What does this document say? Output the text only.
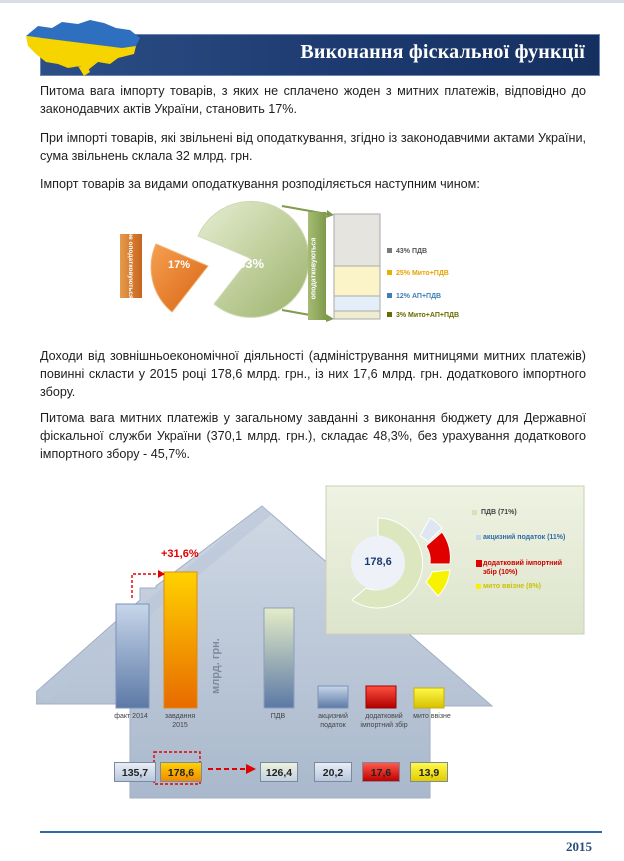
Виконання фіскальної функції
Питома вага імпорту товарів, з яких не сплачено жоден з митних платежів, відповідно до законодавчих актів України, становить 17%.
При імпорті товарів, які звільнені від оподаткування, згідно із законодавчими актами України, сума звільнень склала 32 млрд. грн.
Імпорт товарів за видами оподаткування розподіляється наступним чином:
не оподатковуються	оподатковуються
17%	83%
43% ПДВ
25% Мито+ПДВ
12% АП+ПДВ
3% Мито+АП+ПДВ
Доходи від зовнішньоекономічної діяльності (адміністрування митницями митних платежів) повинні скласти у 2015 році 178,6 млрд. грн., із них 17,6 млрд. грн. додаткового імпортного збору.
Питома вага митних платежів у загальному завданні з виконання бюджету для Державної фіскальної служби України (370,1 млрд. грн.), складає 48,3%, без урахування додаткового імпортного збору - 45,7%.
+31,6%
млрд. грн.
178,6
ПДВ (71%)
акцизний податок (11%)
додатковий імпортний збір (10%)
мито ввізне (8%)
факт 2014	завдання 2015
ПДВ	акцизний податок
додатковий імпортний збір
мито ввізне
135,7	178,6	126,4	20,2	17,6	13,9
2015
